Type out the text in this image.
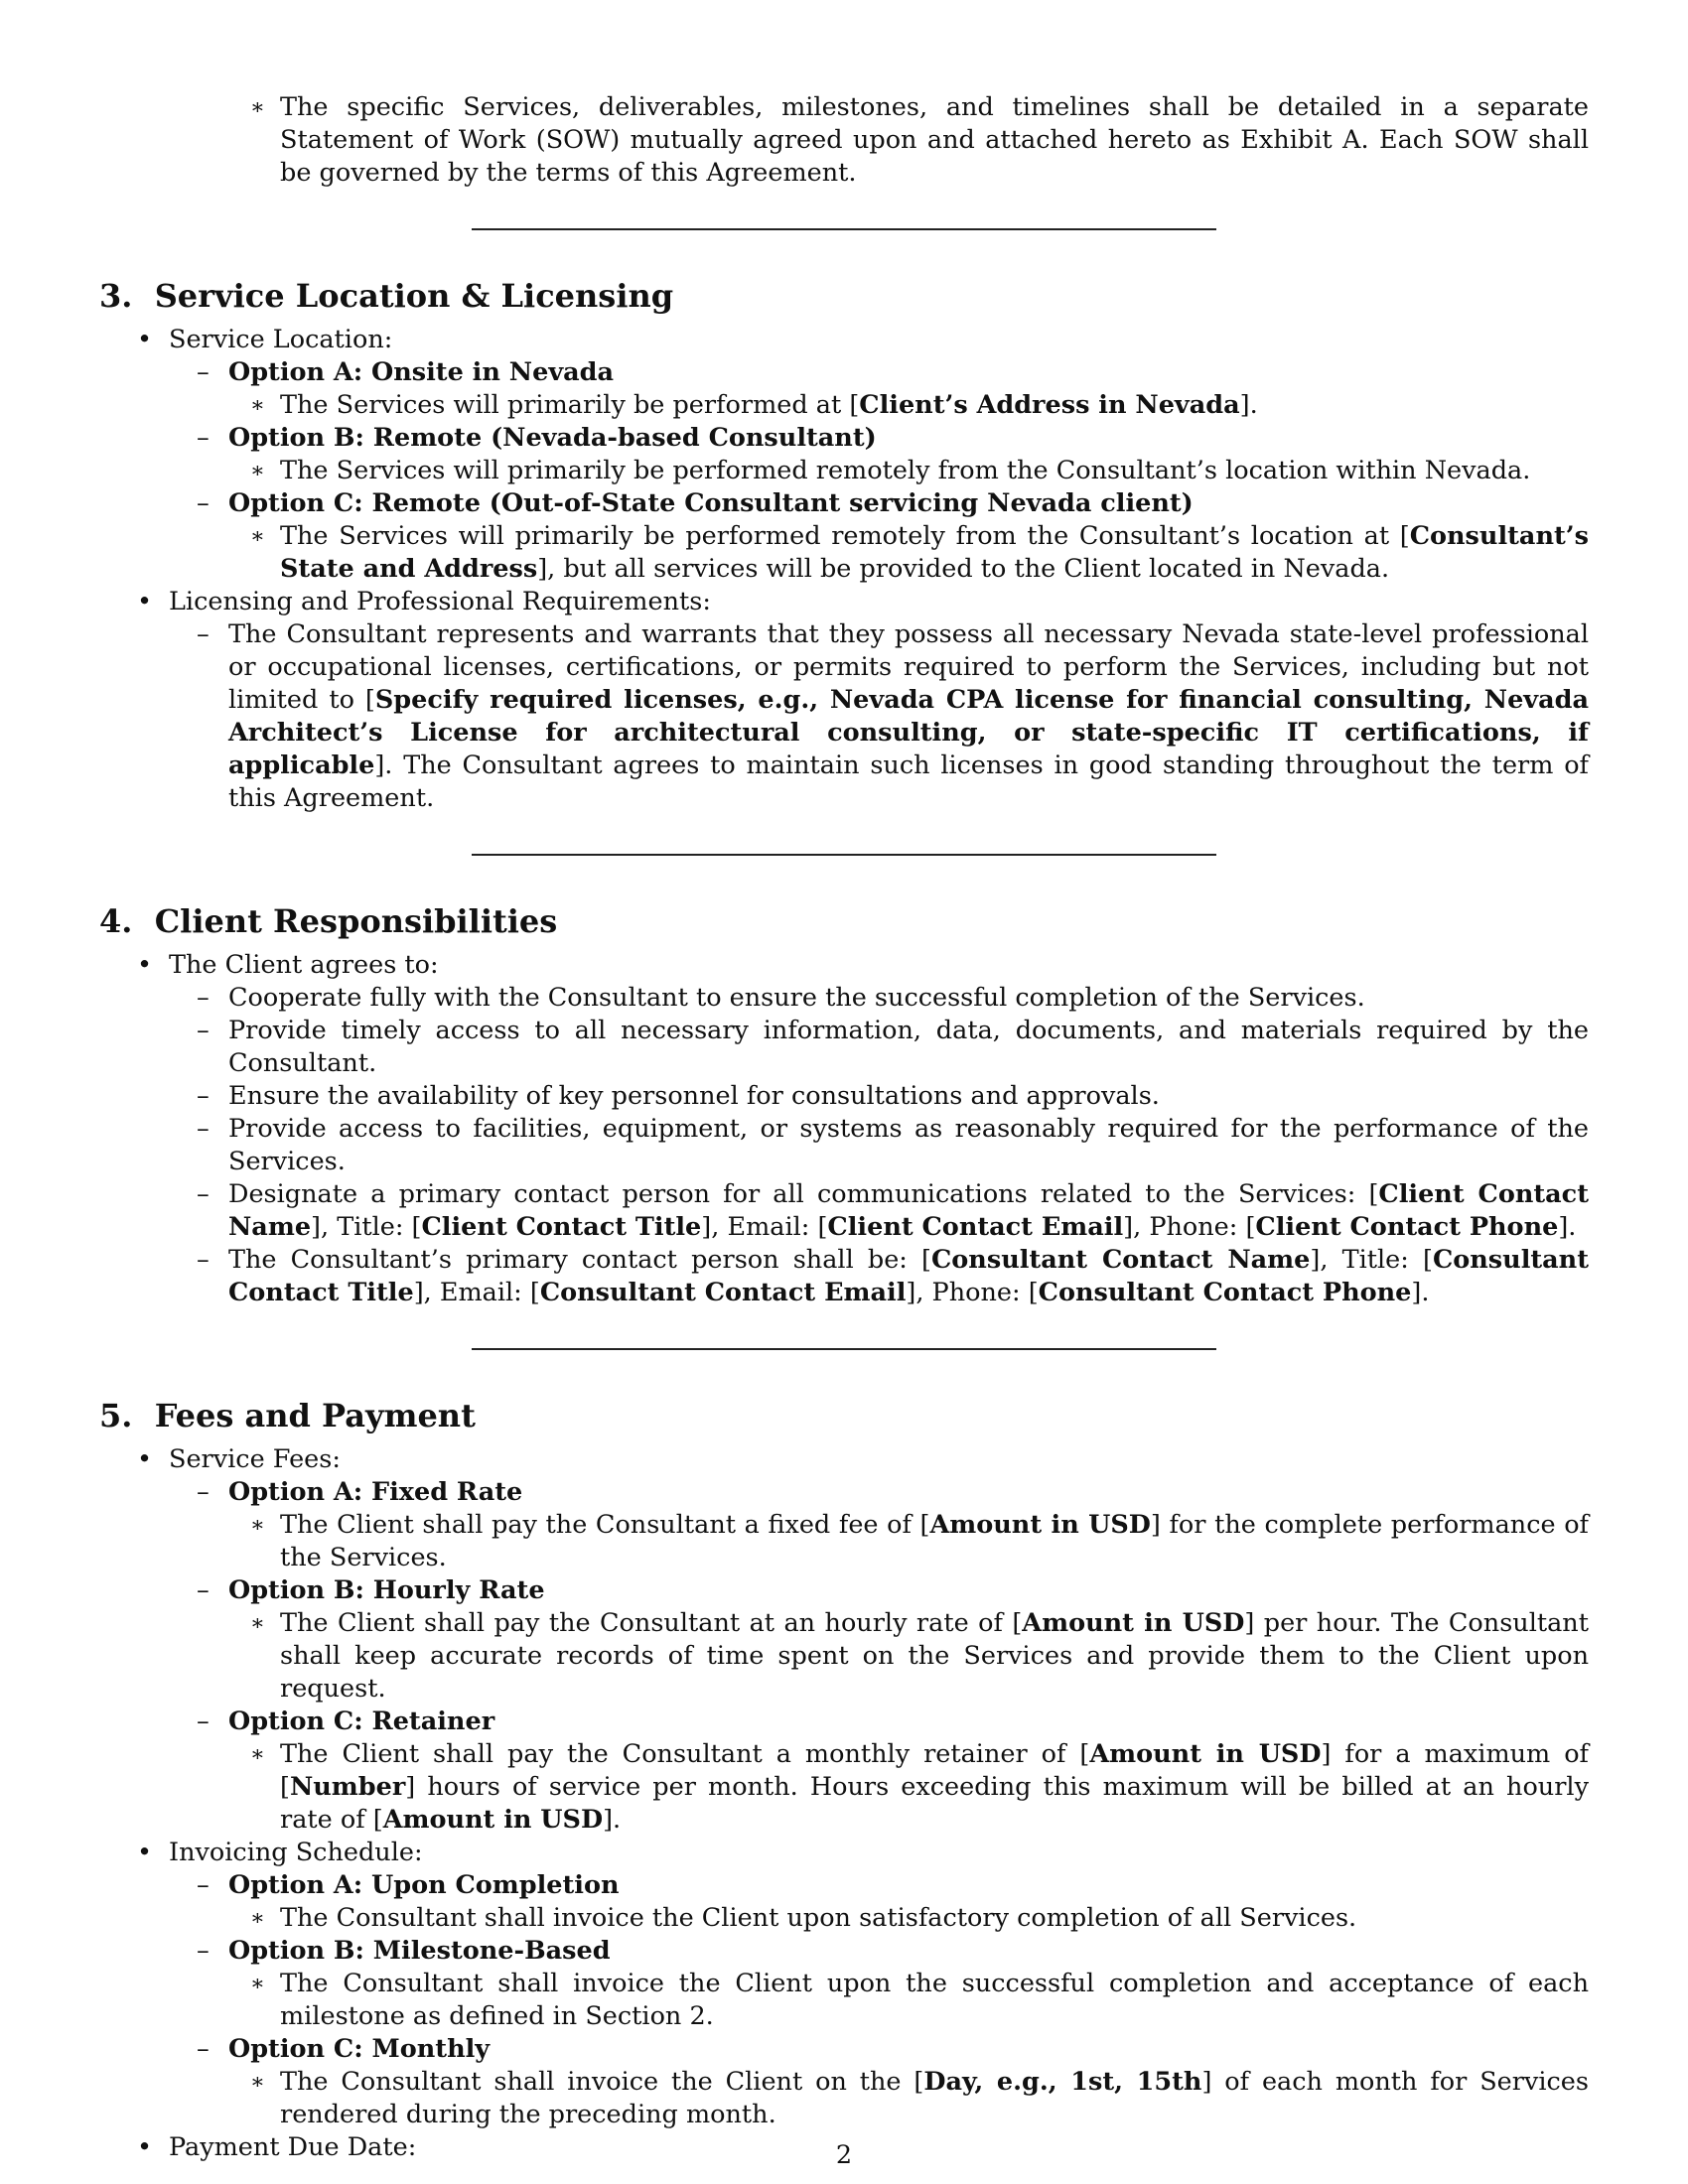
∗ The specific Services, deliverables, milestones, and timelines shall be detailed in a separate Statement of Work (SOW) mutually agreed upon and attached hereto as Exhibit A. Each SOW shall be governed by the terms of this Agreement.
3. Service Location & Licensing
• Service Location:
– Option A: Onsite in Nevada
∗ The Services will primarily be performed at [Client’s Address in Nevada].
– Option B: Remote (Nevada-based Consultant)
∗ The Services will primarily be performed remotely from the Consultant’s location within Nevada.
– Option C: Remote (Out-of-State Consultant servicing Nevada client)
∗ The Services will primarily be performed remotely from the Consultant’s location at [Consultant’s State and Address], but all services will be provided to the Client located in Nevada.
• Licensing and Professional Requirements:
– The Consultant represents and warrants that they possess all necessary Nevada state-level professional or occupational licenses, certifications, or permits required to perform the Services, including but not limited to [Specify required licenses, e.g., Nevada CPA license for financial consulting, Nevada Architect’s License for architectural consulting, or state-specific IT certifications, if applicable]. The Consultant agrees to maintain such licenses in good standing throughout the term of this Agreement.
4. Client Responsibilities
• The Client agrees to:
– Cooperate fully with the Consultant to ensure the successful completion of the Services.
– Provide timely access to all necessary information, data, documents, and materials required by the Consultant.
– Ensure the availability of key personnel for consultations and approvals.
– Provide access to facilities, equipment, or systems as reasonably required for the performance of the Services.
– Designate a primary contact person for all communications related to the Services: [Client Contact Name], Title: [Client Contact Title], Email: [Client Contact Email], Phone: [Client Contact Phone].
– The Consultant’s primary contact person shall be: [Consultant Contact Name], Title: [Consultant Contact Title], Email: [Consultant Contact Email], Phone: [Consultant Contact Phone].
5. Fees and Payment
• Service Fees:
– Option A: Fixed Rate
∗ The Client shall pay the Consultant a fixed fee of [Amount in USD] for the complete performance of the Services.
– Option B: Hourly Rate
∗ The Client shall pay the Consultant at an hourly rate of [Amount in USD] per hour. The Consultant shall keep accurate records of time spent on the Services and provide them to the Client upon request.
– Option C: Retainer
∗ The Client shall pay the Consultant a monthly retainer of [Amount in USD] for a maximum of [Number] hours of service per month. Hours exceeding this maximum will be billed at an hourly rate of [Amount in USD].
• Invoicing Schedule:
– Option A: Upon Completion
∗ The Consultant shall invoice the Client upon satisfactory completion of all Services.
– Option B: Milestone-Based
∗ The Consultant shall invoice the Client upon the successful completion and acceptance of each milestone as defined in Section 2.
– Option C: Monthly
∗ The Consultant shall invoice the Client on the [Day, e.g., 1st, 15th] of each month for Services rendered during the preceding month.
• Payment Due Date:	2
